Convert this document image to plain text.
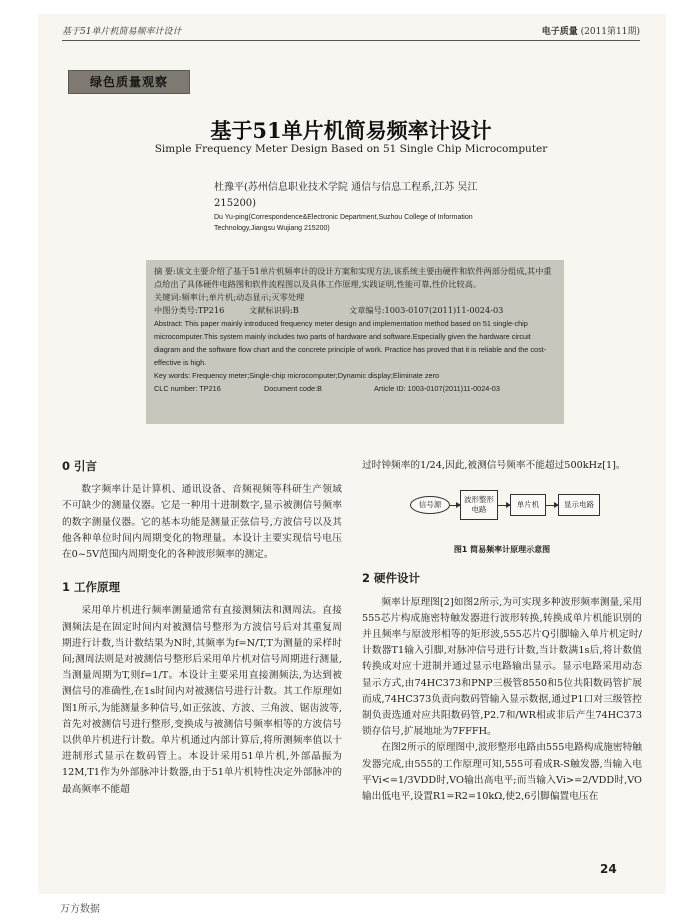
基于51单片机简易频率计设计	电子质量 (2011第11期)
绿色质量观察
基于51单片机简易频率计设计
Simple Frequency Meter Design Based on 51 Single Chip Microcomputer
杜豫平(苏州信息职业技术学院 通信与信息工程系,江苏 吴江 215200)
Du Yu-ping(Correspondence&Electronic Department,Suzhou College of Information Technology,Jiangsu Wujiang 215200)
摘 要:该文主要介绍了基于51单片机频率计的设计方案和实现方法,该系统主要由硬件和软件两部分组成,其中重点给出了具体硬件电路图和软件流程图以及具体工作原理,实践证明,性能可靠,性价比较高。
关键词:频率计;单片机;动态显示;灭零处理
中图分类号:TP216	文献标识码:B	文章编号:1003-0107(2011)11-0024-03
Abstract: This paper mainly introduced frequency meter design and implementation method based on 51 single-chip microcomputer.This system mainly includes two parts of hardware and software.Especially given the hardware circuit diagram and the software flow chart and the concrete principle of work. Practice has proved that it is reliable and the cost-effective is high.
Key words: Frequency meter;Single-chip microcomputer;Dynamic display;Eliminate zero
CLC number: TP216	Document code:B	Article ID: 1003-0107(2011)11-0024-03
0 引言

数字频率计是计算机、通讯设备、音频视频等科研生产领域不可缺少的测量仪器。它是一种用十进制数字,显示被测信号频率的数字测量仪器。它的基本功能是测量正弦信号,方波信号以及其他各种单位时间内周期变化的物理量。本设计主要实现信号电压在0~5V范围内周期变化的各种波形频率的测定。

1 工作原理

采用单片机进行频率测量通常有直接测频法和测周法。直接测频法是在固定时间内对被测信号整形为方波信号后对其重复周期进行计数,当计数结果为N时,其频率为f=N/T,T为测量的采样时间;测周法则是对被测信号整形后采用单片机对信号周期进行测量,当测量周期为T,则f=1/T。本设计主要采用直接测频法,为达到被测信号的准确性,在1s时间内对被测信号进行计数。其工作原理如图1所示,为能测量多种信号,如正弦波、方波、三角波、锯齿波等,首先对被测信号进行整形,变换成与被测信号频率相等的方波信号以供单片机进行计数。单片机通过内部计算后,将所测频率值以十进制形式显示在数码管上。本设计采用51单片机,外部晶振为12M,T1作为外部脉冲计数器,由于51单片机特性决定外部脉冲的最高频率不能超

过时钟频率的1/24,因此,被测信号频率不能超过500kHz[1]。

信号源
波形整形电路
单片机	显示电路
图1 简易频率计原理示意图
2 硬件设计

频率计原理图[2]如图2所示,为可实现多种波形频率测量,采用555芯片构成施密特触发器进行波形转换,转换成单片机能识别的并且频率与原波形相等的矩形波,555芯片Q引脚输入单片机定时/计数器T1输入引脚,对脉冲信号进行计数,当计数满1s后,将计数值转换成对应十进制并通过显示电路输出显示。显示电路采用动态显示方式,由74HC373和PNP三极管8550和5位共阳数码管扩展而成,74HC373负责向数码管输入显示数据,通过P1口对三级管控制负责选通对应共阳数码管,P2.7和/WR相或非后产生74HC373锁存信号,扩展地址为7FFFH。

在图2所示的原理图中,波形整形电路由555电路构成施密特触发器完成,由555的工作原理可知,555可看成R-S触发器,当输入电平Vi<=1/3VDD时,VO输出高电平;而当输入Vi>=2/VDD时,VO输出低电平,设置R1=R2=10kΩ,使2,6引脚偏置电压在

24
万方数据
